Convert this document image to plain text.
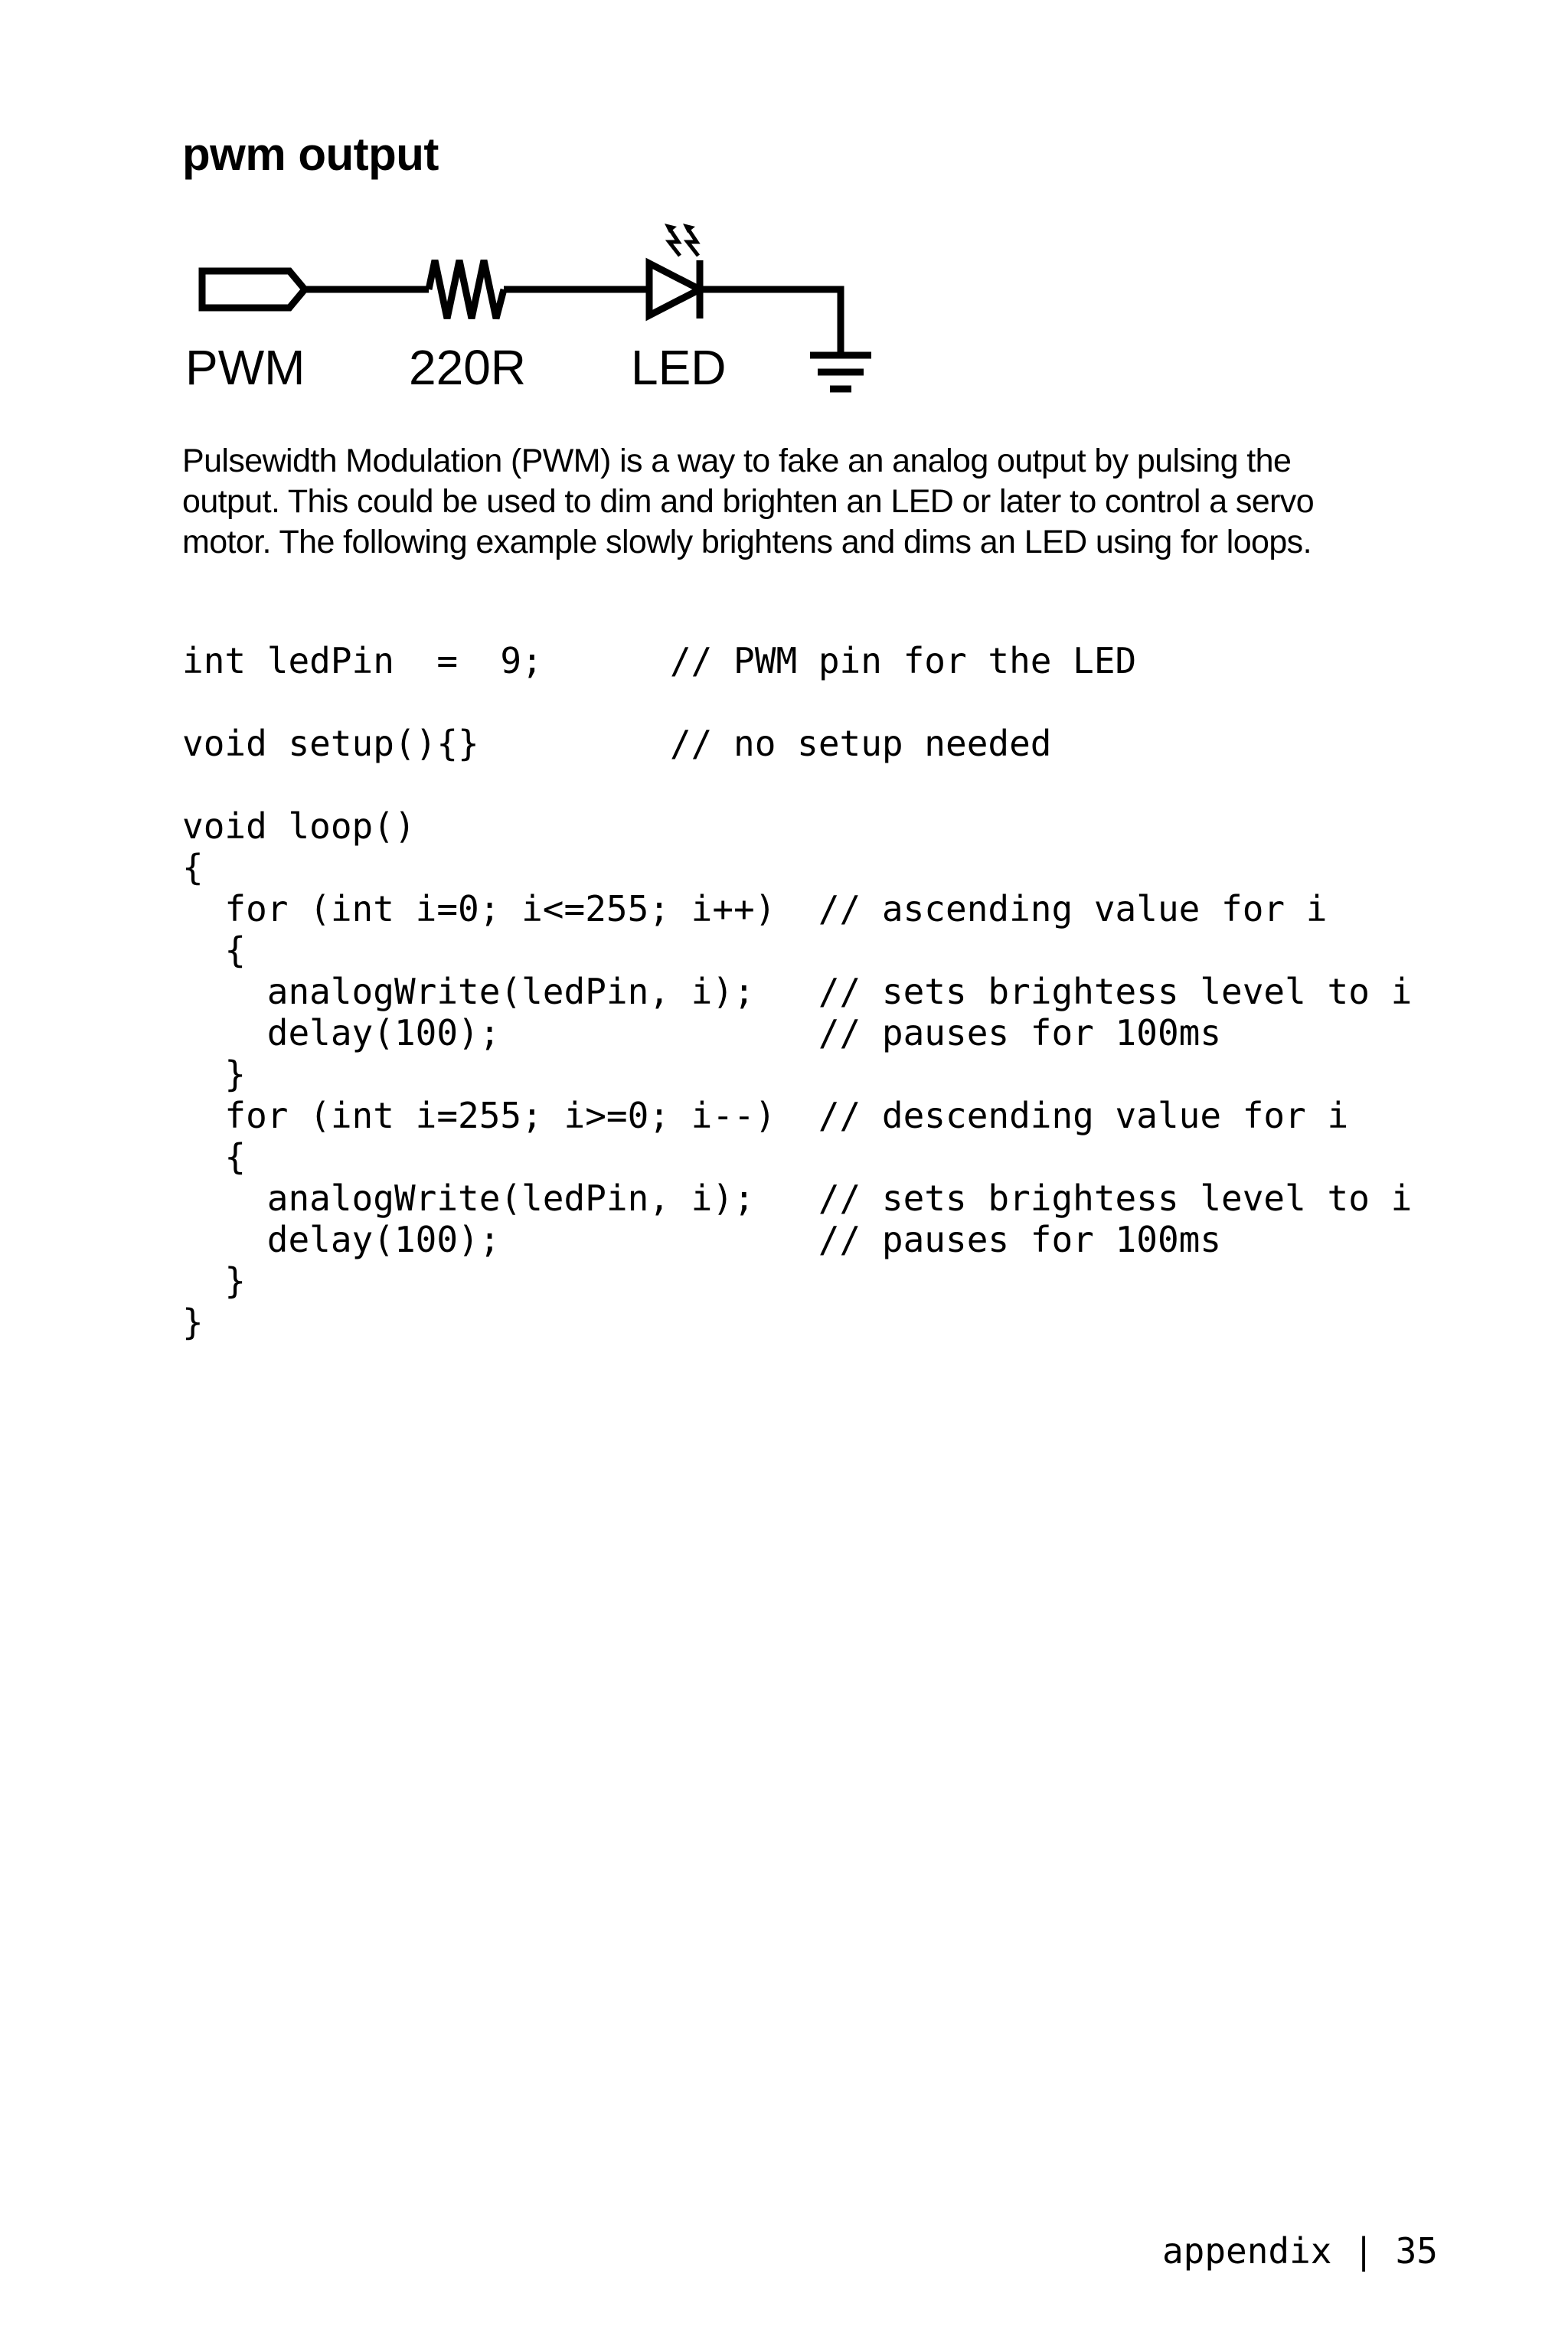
pwm output
PWM 220R LED

Pulsewidth Modulation (PWM) is a way to fake an analog output by pulsing the
output. This could be used to dim and brighten an LED or later to control a servo
motor. The following example slowly brightens and dims an LED using for loops.

int ledPin  =  9;      // PWM pin for the LED
void setup(){}         // no setup needed
void loop()
{
for (int i=0; i<=255; i++)  // ascending value for i
{
analogWrite(ledPin, i);   // sets brightess level to i
delay(100);               // pauses for 100ms
}
for (int i=255; i>=0; i--)  // descending value for i
{
analogWrite(ledPin, i);   // sets brightess level to i
delay(100);               // pauses for 100ms
}
}
appendix | 35
